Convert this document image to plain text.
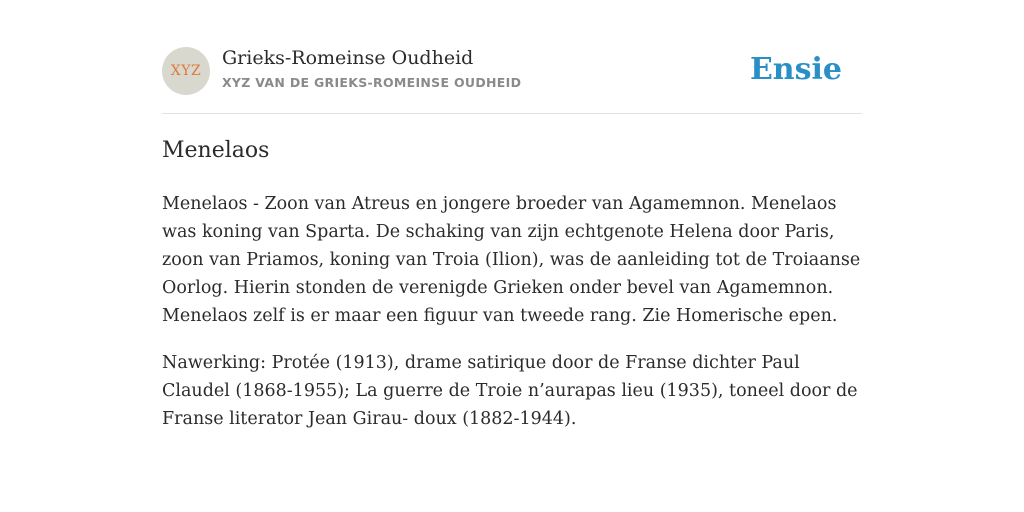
XYZ
Grieks-Romeinse Oudheid
XYZ VAN DE GRIEKS-ROMEINSE OUDHEID	Ensie
Menelaos

Menelaos - Zoon van Atreus en jongere broeder van Agamemnon. Menelaos was koning van Sparta. De schaking van zijn echtgenote Helena door Paris, zoon van Priamos, koning van Troia (Ilion), was de aanleiding tot de Troiaanse Oorlog. Hierin stonden de verenigde Grieken onder bevel van Agamemnon. Menelaos zelf is er maar een figuur van tweede rang. Zie Homerische epen.

Nawerking: Protée (1913), drame satirique door de Franse dichter Paul Claudel (1868-1955); La guerre de Troie n’aurapas lieu (1935), toneel door de Franse literator Jean Girau- doux (1882-1944).
